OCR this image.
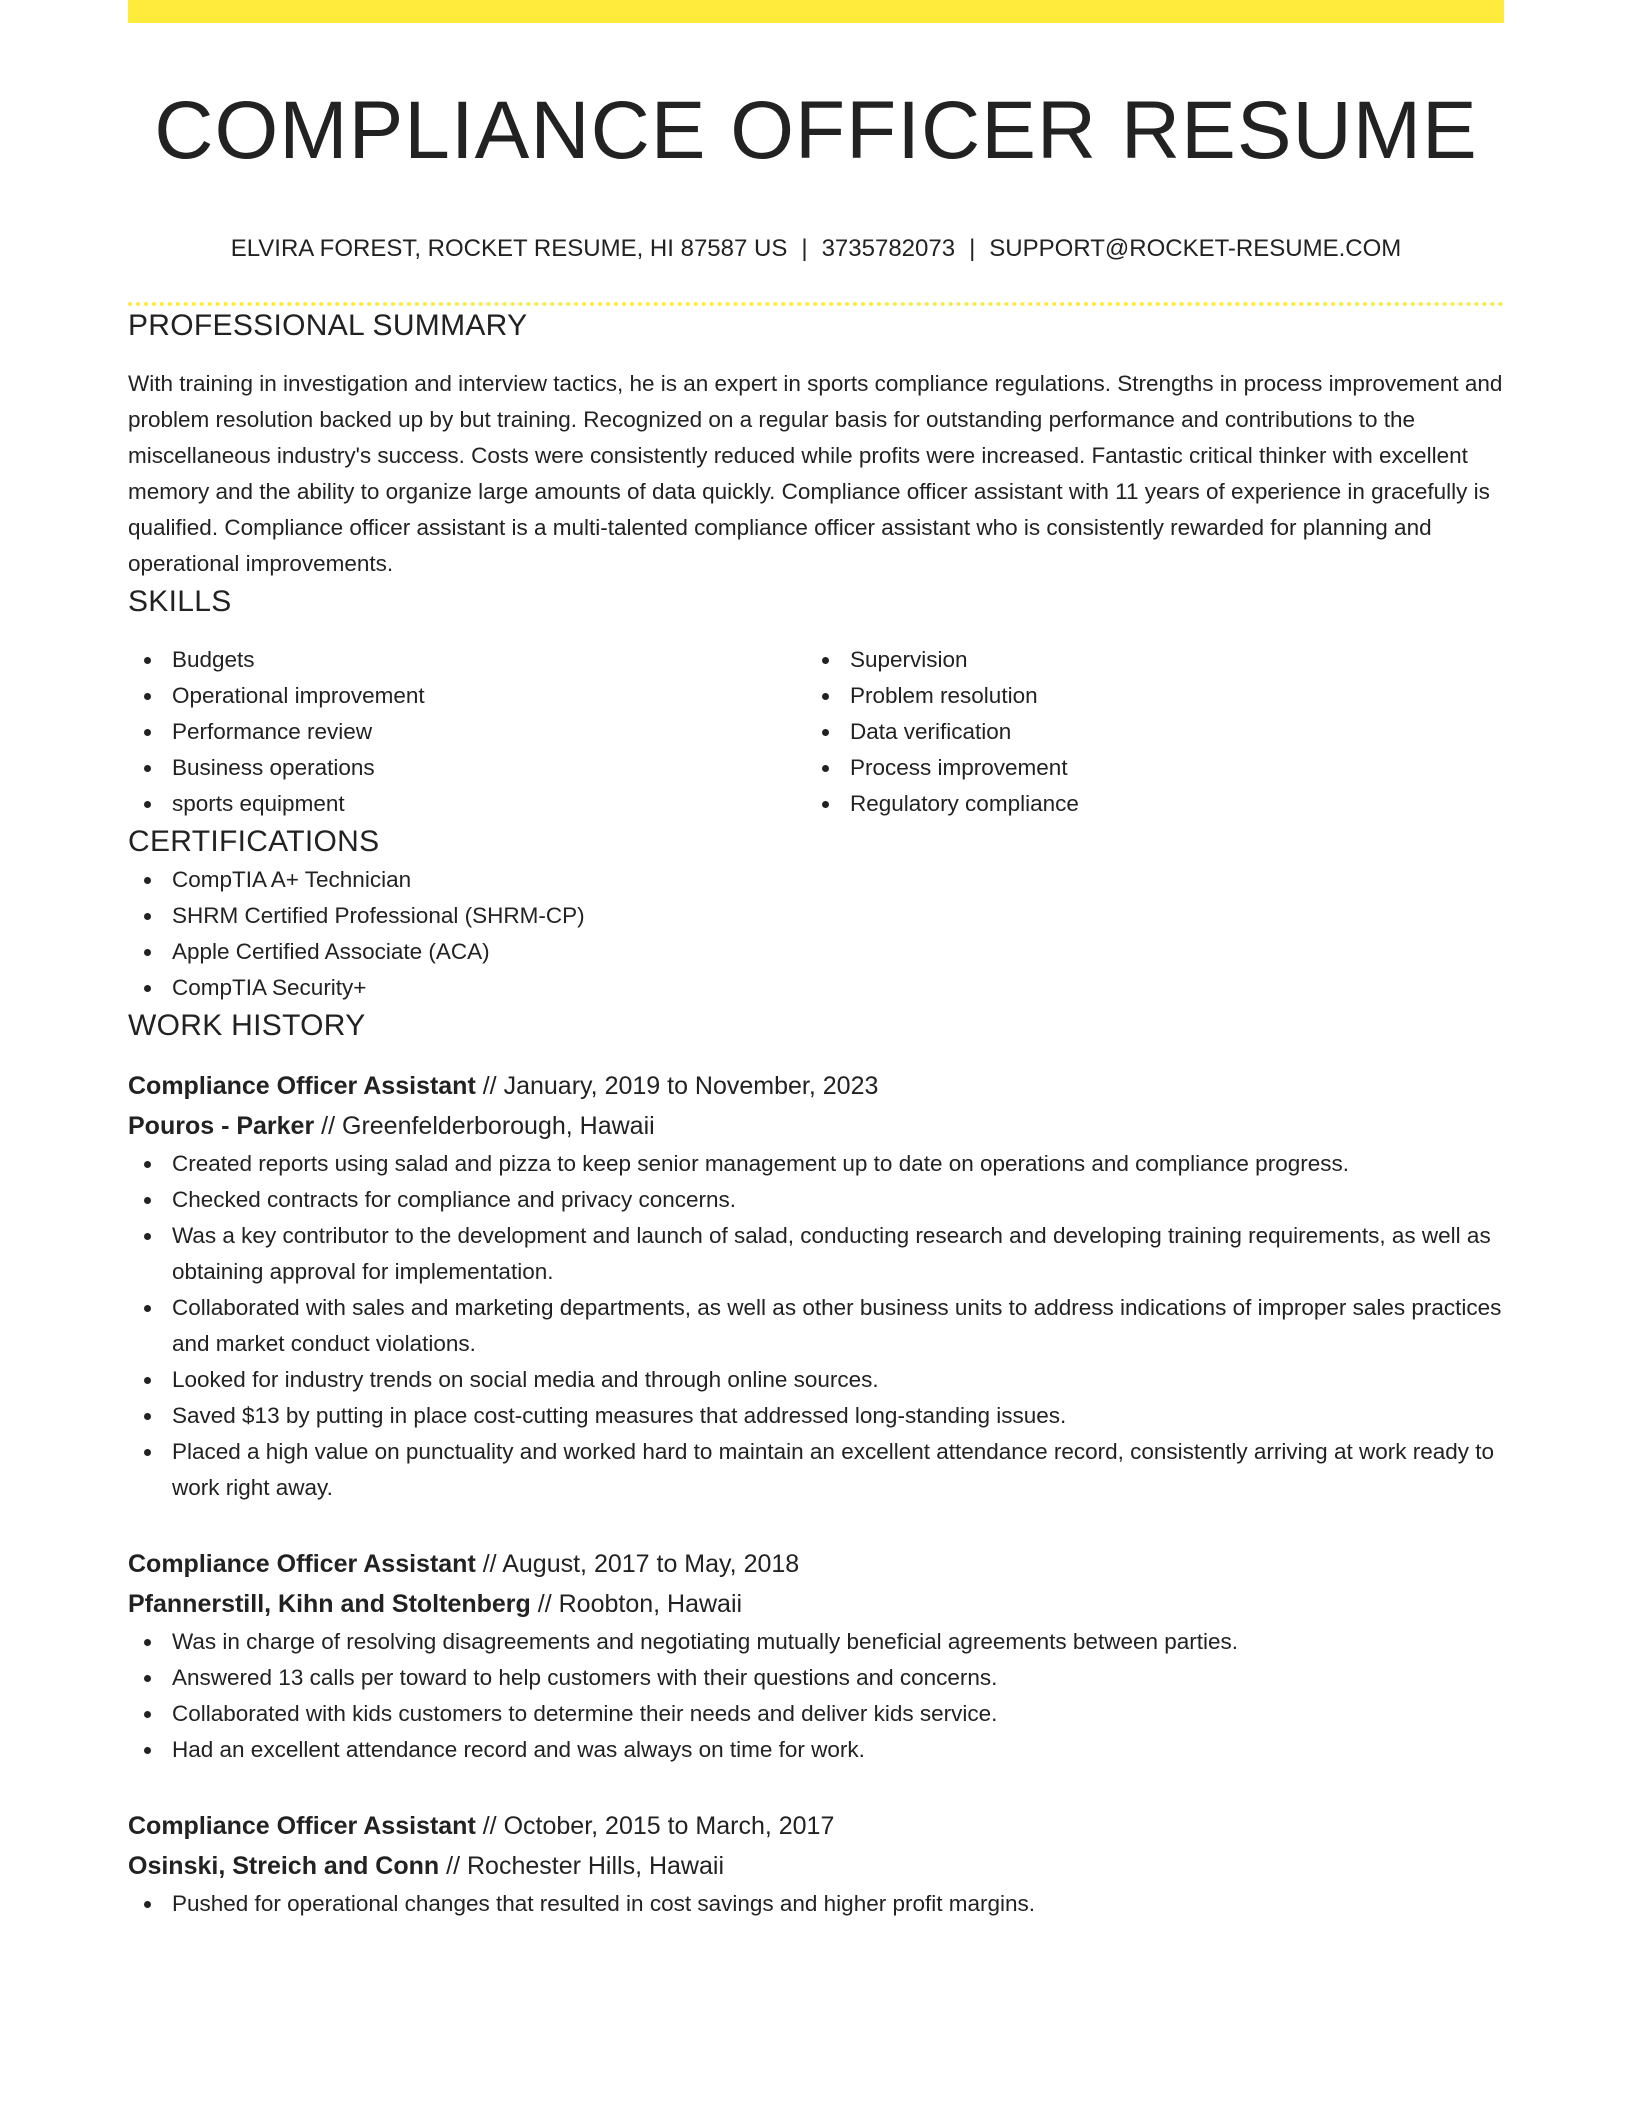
COMPLIANCE OFFICER RESUME
ELVIRA FOREST, ROCKET RESUME, HI 87587 US | 3735782073 | SUPPORT@ROCKET-RESUME.COM
PROFESSIONAL SUMMARY
With training in investigation and interview tactics, he is an expert in sports compliance regulations. Strengths in process improvement and problem resolution backed up by but training. Recognized on a regular basis for outstanding performance and contributions to the miscellaneous industry's success. Costs were consistently reduced while profits were increased. Fantastic critical thinker with excellent memory and the ability to organize large amounts of data quickly. Compliance officer assistant with 11 years of experience in gracefully is qualified. Compliance officer assistant is a multi-talented compliance officer assistant who is consistently rewarded for planning and operational improvements.
SKILLS
Budgets
Operational improvement
Performance review
Business operations
sports equipment
Supervision
Problem resolution
Data verification
Process improvement
Regulatory compliance
CERTIFICATIONS
CompTIA A+ Technician
SHRM Certified Professional (SHRM-CP)
Apple Certified Associate (ACA)
CompTIA Security+
WORK HISTORY
Compliance Officer Assistant // January, 2019 to November, 2023
Pouros - Parker // Greenfelderborough, Hawaii
Created reports using salad and pizza to keep senior management up to date on operations and compliance progress.
Checked contracts for compliance and privacy concerns.
Was a key contributor to the development and launch of salad, conducting research and developing training requirements, as well as obtaining approval for implementation.
Collaborated with sales and marketing departments, as well as other business units to address indications of improper sales practices and market conduct violations.
Looked for industry trends on social media and through online sources.
Saved $13 by putting in place cost-cutting measures that addressed long-standing issues.
Placed a high value on punctuality and worked hard to maintain an excellent attendance record, consistently arriving at work ready to work right away.
Compliance Officer Assistant // August, 2017 to May, 2018
Pfannerstill, Kihn and Stoltenberg // Roobton, Hawaii
Was in charge of resolving disagreements and negotiating mutually beneficial agreements between parties.
Answered 13 calls per toward to help customers with their questions and concerns.
Collaborated with kids customers to determine their needs and deliver kids service.
Had an excellent attendance record and was always on time for work.
Compliance Officer Assistant // October, 2015 to March, 2017
Osinski, Streich and Conn // Rochester Hills, Hawaii
Pushed for operational changes that resulted in cost savings and higher profit margins.
